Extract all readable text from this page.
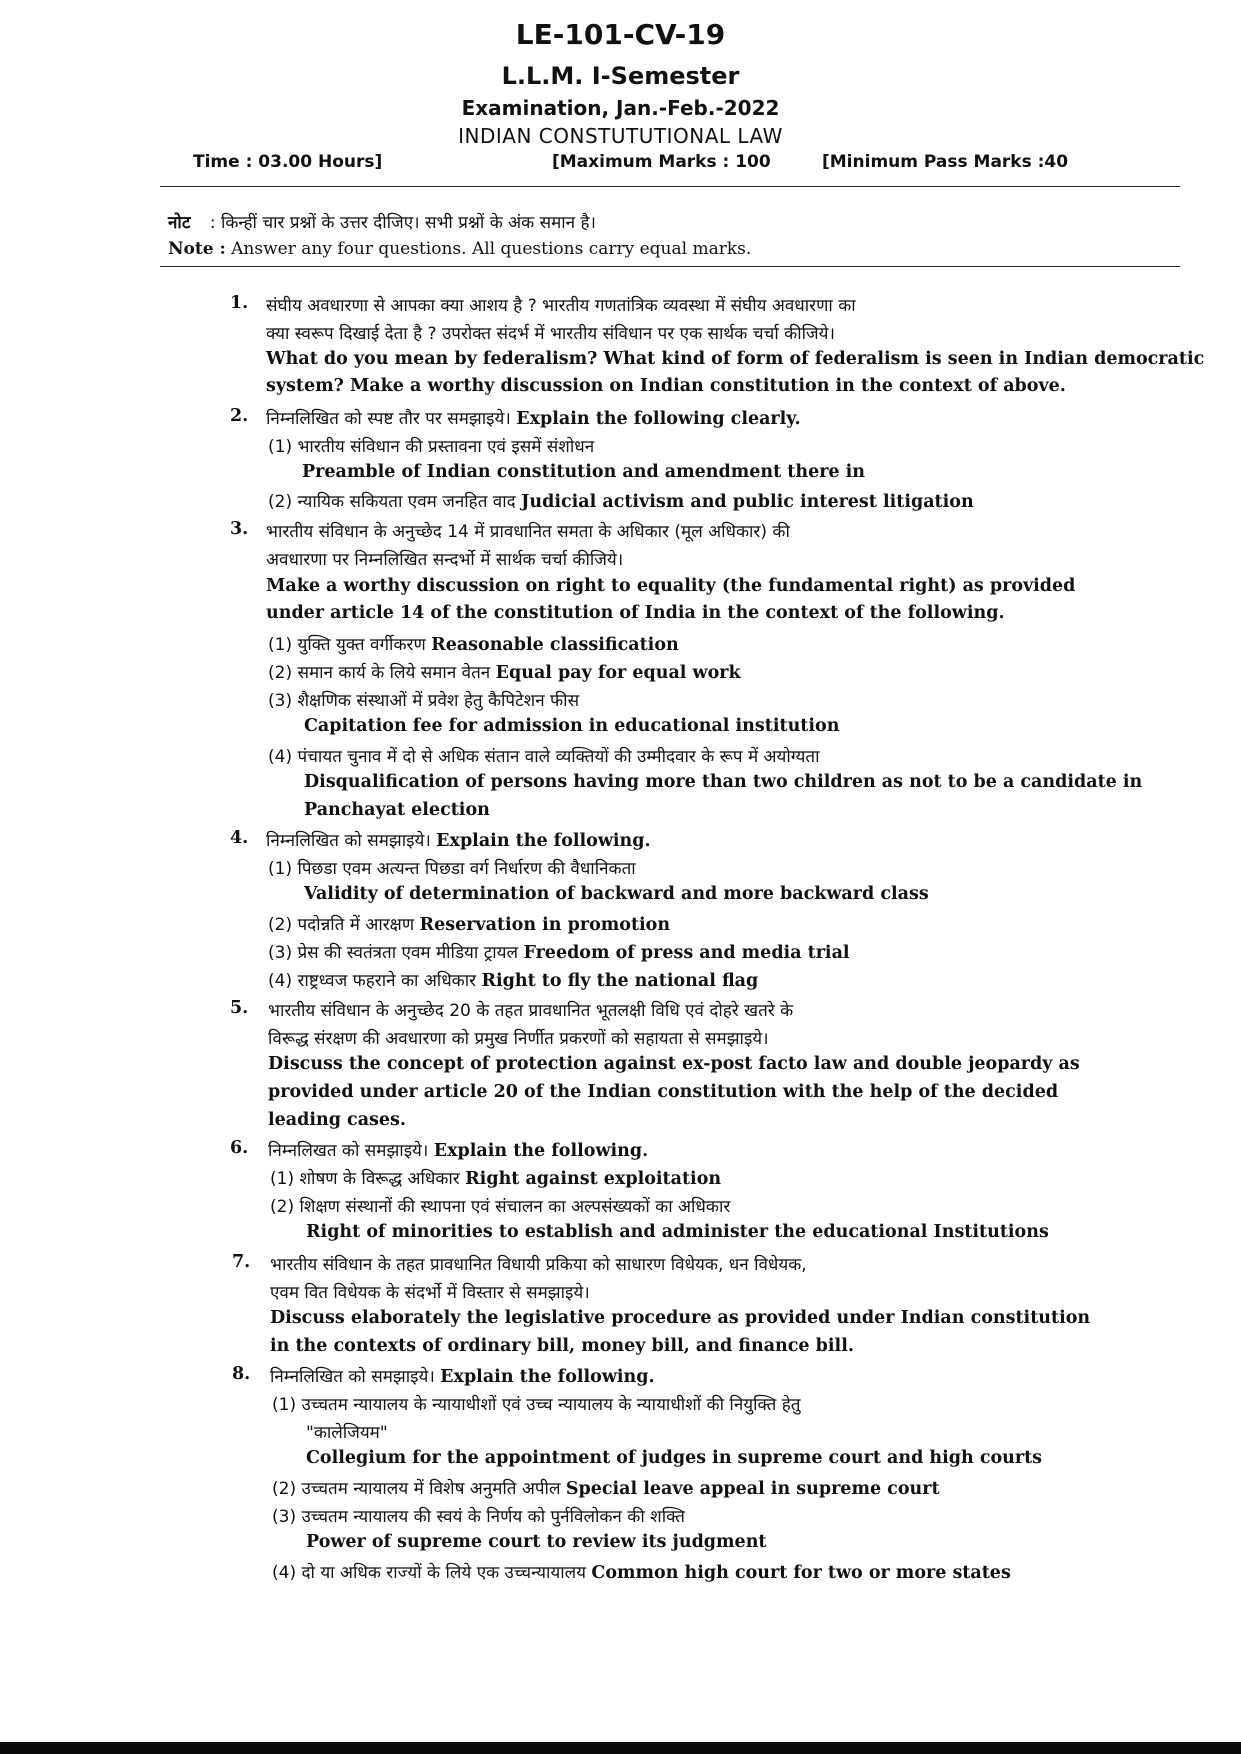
LE-101-CV-19
L.L.M. I-Semester
Examination, Jan.-Feb.-2022
INDIAN CONSTUTUTIONAL LAW
Time : 03.00 Hours]	[Maximum Marks : 100	[Minimum Pass Marks :40
नोट : किन्हीं चार प्रश्नों के उत्तर दीजिए। सभी प्रश्नों के अंक समान है।
Note : Answer any four questions. All questions carry equal marks.
1. संघीय अवधारणा से आपका क्या आशय है ? भारतीय गणतांत्रिक व्यवस्था में संघीय अवधारणा का
क्या स्वरूप दिखाई देता है ? उपरोक्त संदर्भ में भारतीय संविधान पर एक सार्थक चर्चा कीजिये।
What do you mean by federalism? What kind of form of federalism is seen in Indian democratic
system? Make a worthy discussion on Indian constitution in the context of above.
2. निम्नलिखित को स्पष्ट तौर पर समझाइये। Explain the following clearly.
(1) भारतीय संविधान की प्रस्तावना एवं इसमें संशोधन
Preamble of Indian constitution and amendment there in
(2) न्यायिक सकियता एवम जनहित वाद Judicial activism and public interest litigation
3. भारतीय संविधान के अनुच्छेद 14 में प्रावधानित समता के अधिकार (मूल अधिकार) की
अवधारणा पर निम्नलिखित सन्दर्भो में सार्थक चर्चा कीजिये।
Make a worthy discussion on right to equality (the fundamental right) as provided
under article 14 of the constitution of India in the context of the following.
(1) युक्ति युक्त वर्गीकरण Reasonable classification
(2) समान कार्य के लिये समान वेतन Equal pay for equal work
(3) शैक्षणिक संस्थाओं में प्रवेश हेतु कैपिटेशन फीस
Capitation fee for admission in educational institution
(4) पंचायत चुनाव में दो से अधिक संतान वाले व्यक्तियों की उम्मीदवार के रूप में अयोग्यता
Disqualification of persons having more than two children as not to be a candidate in
Panchayat election
4. निम्नलिखित को समझाइये। Explain the following.
(1) पिछडा एवम अत्यन्त पिछडा वर्ग निर्धारण की वैधानिकता
Validity of determination of backward and more backward class
(2) पदोन्नति में आरक्षण Reservation in promotion
(3) प्रेस की स्वतंत्रता एवम मीडिया ट्रायल Freedom of press and media trial
(4) राष्ट्रध्वज फहराने का अधिकार Right to fly the national flag
5. भारतीय संविधान के अनुच्छेद 20 के तहत प्रावधानित भूतलक्षी विधि एवं दोहरे खतरे के
विरूद्ध संरक्षण की अवधारणा को प्रमुख निर्णीत प्रकरणों को सहायता से समझाइये।
Discuss the concept of protection against ex-post facto law and double jeopardy as
provided under article 20 of the Indian constitution with the help of the decided
leading cases.
6. निम्नलिखत को समझाइये। Explain the following.
(1) शोषण के विरूद्ध अधिकार Right against exploitation
(2) शिक्षण संस्थानों की स्थापना एवं संचालन का अल्पसंख्यकों का अधिकार
Right of minorities to establish and administer the educational Institutions
7. भारतीय संविधान के तहत प्रावधानित विधायी प्रकिया को साधारण विधेयक, धन विधेयक,
एवम वित विधेयक के संदर्भो में विस्तार से समझाइये।
Discuss elaborately the legislative procedure as provided under Indian constitution
in the contexts of ordinary bill, money bill, and finance bill.
8. निम्नलिखित को समझाइये। Explain the following.
(1) उच्चतम न्यायालय के न्यायाधीशों एवं उच्च न्यायालय के न्यायाधीशों की नियुक्ति हेतु
"कालेजियम"
Collegium for the appointment of judges in supreme court and high courts
(2) उच्चतम न्यायालय में विशेष अनुमति अपील Special leave appeal in supreme court
(3) उच्चतम न्यायालय की स्वयं के निर्णय को पुर्नविलोकन की शक्ति
Power of supreme court to review its judgment
(4) दो या अधिक राज्यों के लिये एक उच्चन्यायालय Common high court for two or more states
